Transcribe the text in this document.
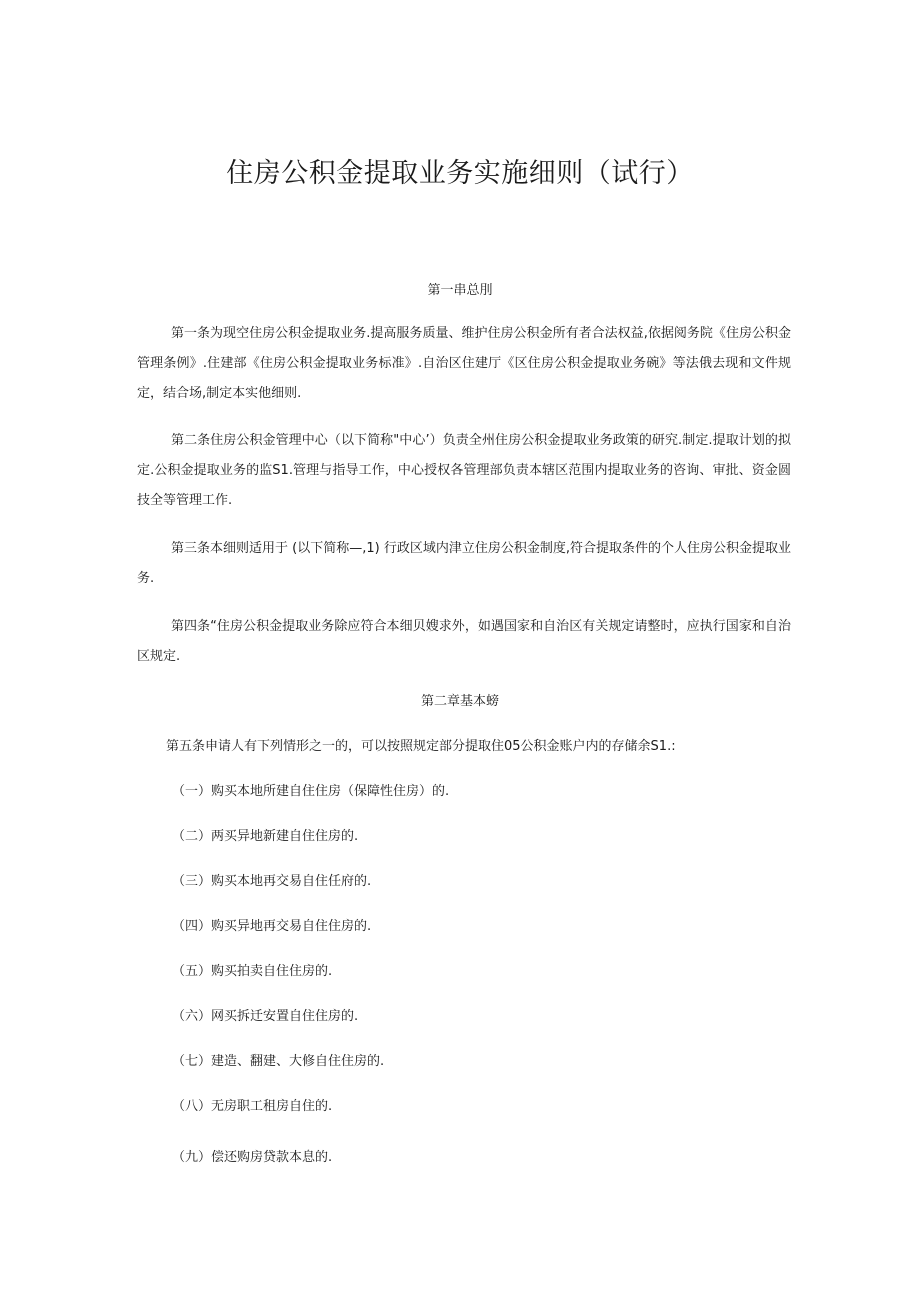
住房公积金提取业务实施细则（试行）

第一串总刖

第一条为现空住房公积金提取业务.提高服务质量、维护住房公积金所有者合法权益,依据阅务院《住房公积金管理条例》.住建部《住房公积金提取业务标准》.自治区住建厅《区住房公积金提取业务碗》等法俄去现和文件规定，结合场,制定本实他细则.

第二条住房公积金管理中心（以下简称"中心’）负责全州住房公积金提取业务政策的研究.制定.提取计划的拟定.公积金提取业务的监S1.管理与指导工作，中心授权各管理部负责本辖区范围内提取业务的咨询、审批、资金圆技全等管理工作.

第三条本细则适用于 (以下简称—,1) 行政区域内津立住房公积金制度,符合提取条件的个人住房公积金提取业务.

第四条“住房公积金提取业务除应符合本细贝嫂求外，如遇国家和自治区有关规定请整时，应执行国家和自治区规定.

第二章基本螃

第五条申请人有下列情形之一的，可以按照规定部分提取住05公积金账户内的存储余S1.:

（一）购买本地所建自住住房（保障性住房）的.

（二）两买异地新建自住住房的.

（三）购买本地再交易自住任府的.

（四）购买异地再交易自住住房的.

（五）购买拍卖自住住房的.

（六）网买拆迁安置自住住房的.

（七）建造、翻建、大修自住住房的.

（八）无房职工租房自住的.

（九）偿还购房贷款本息的.
